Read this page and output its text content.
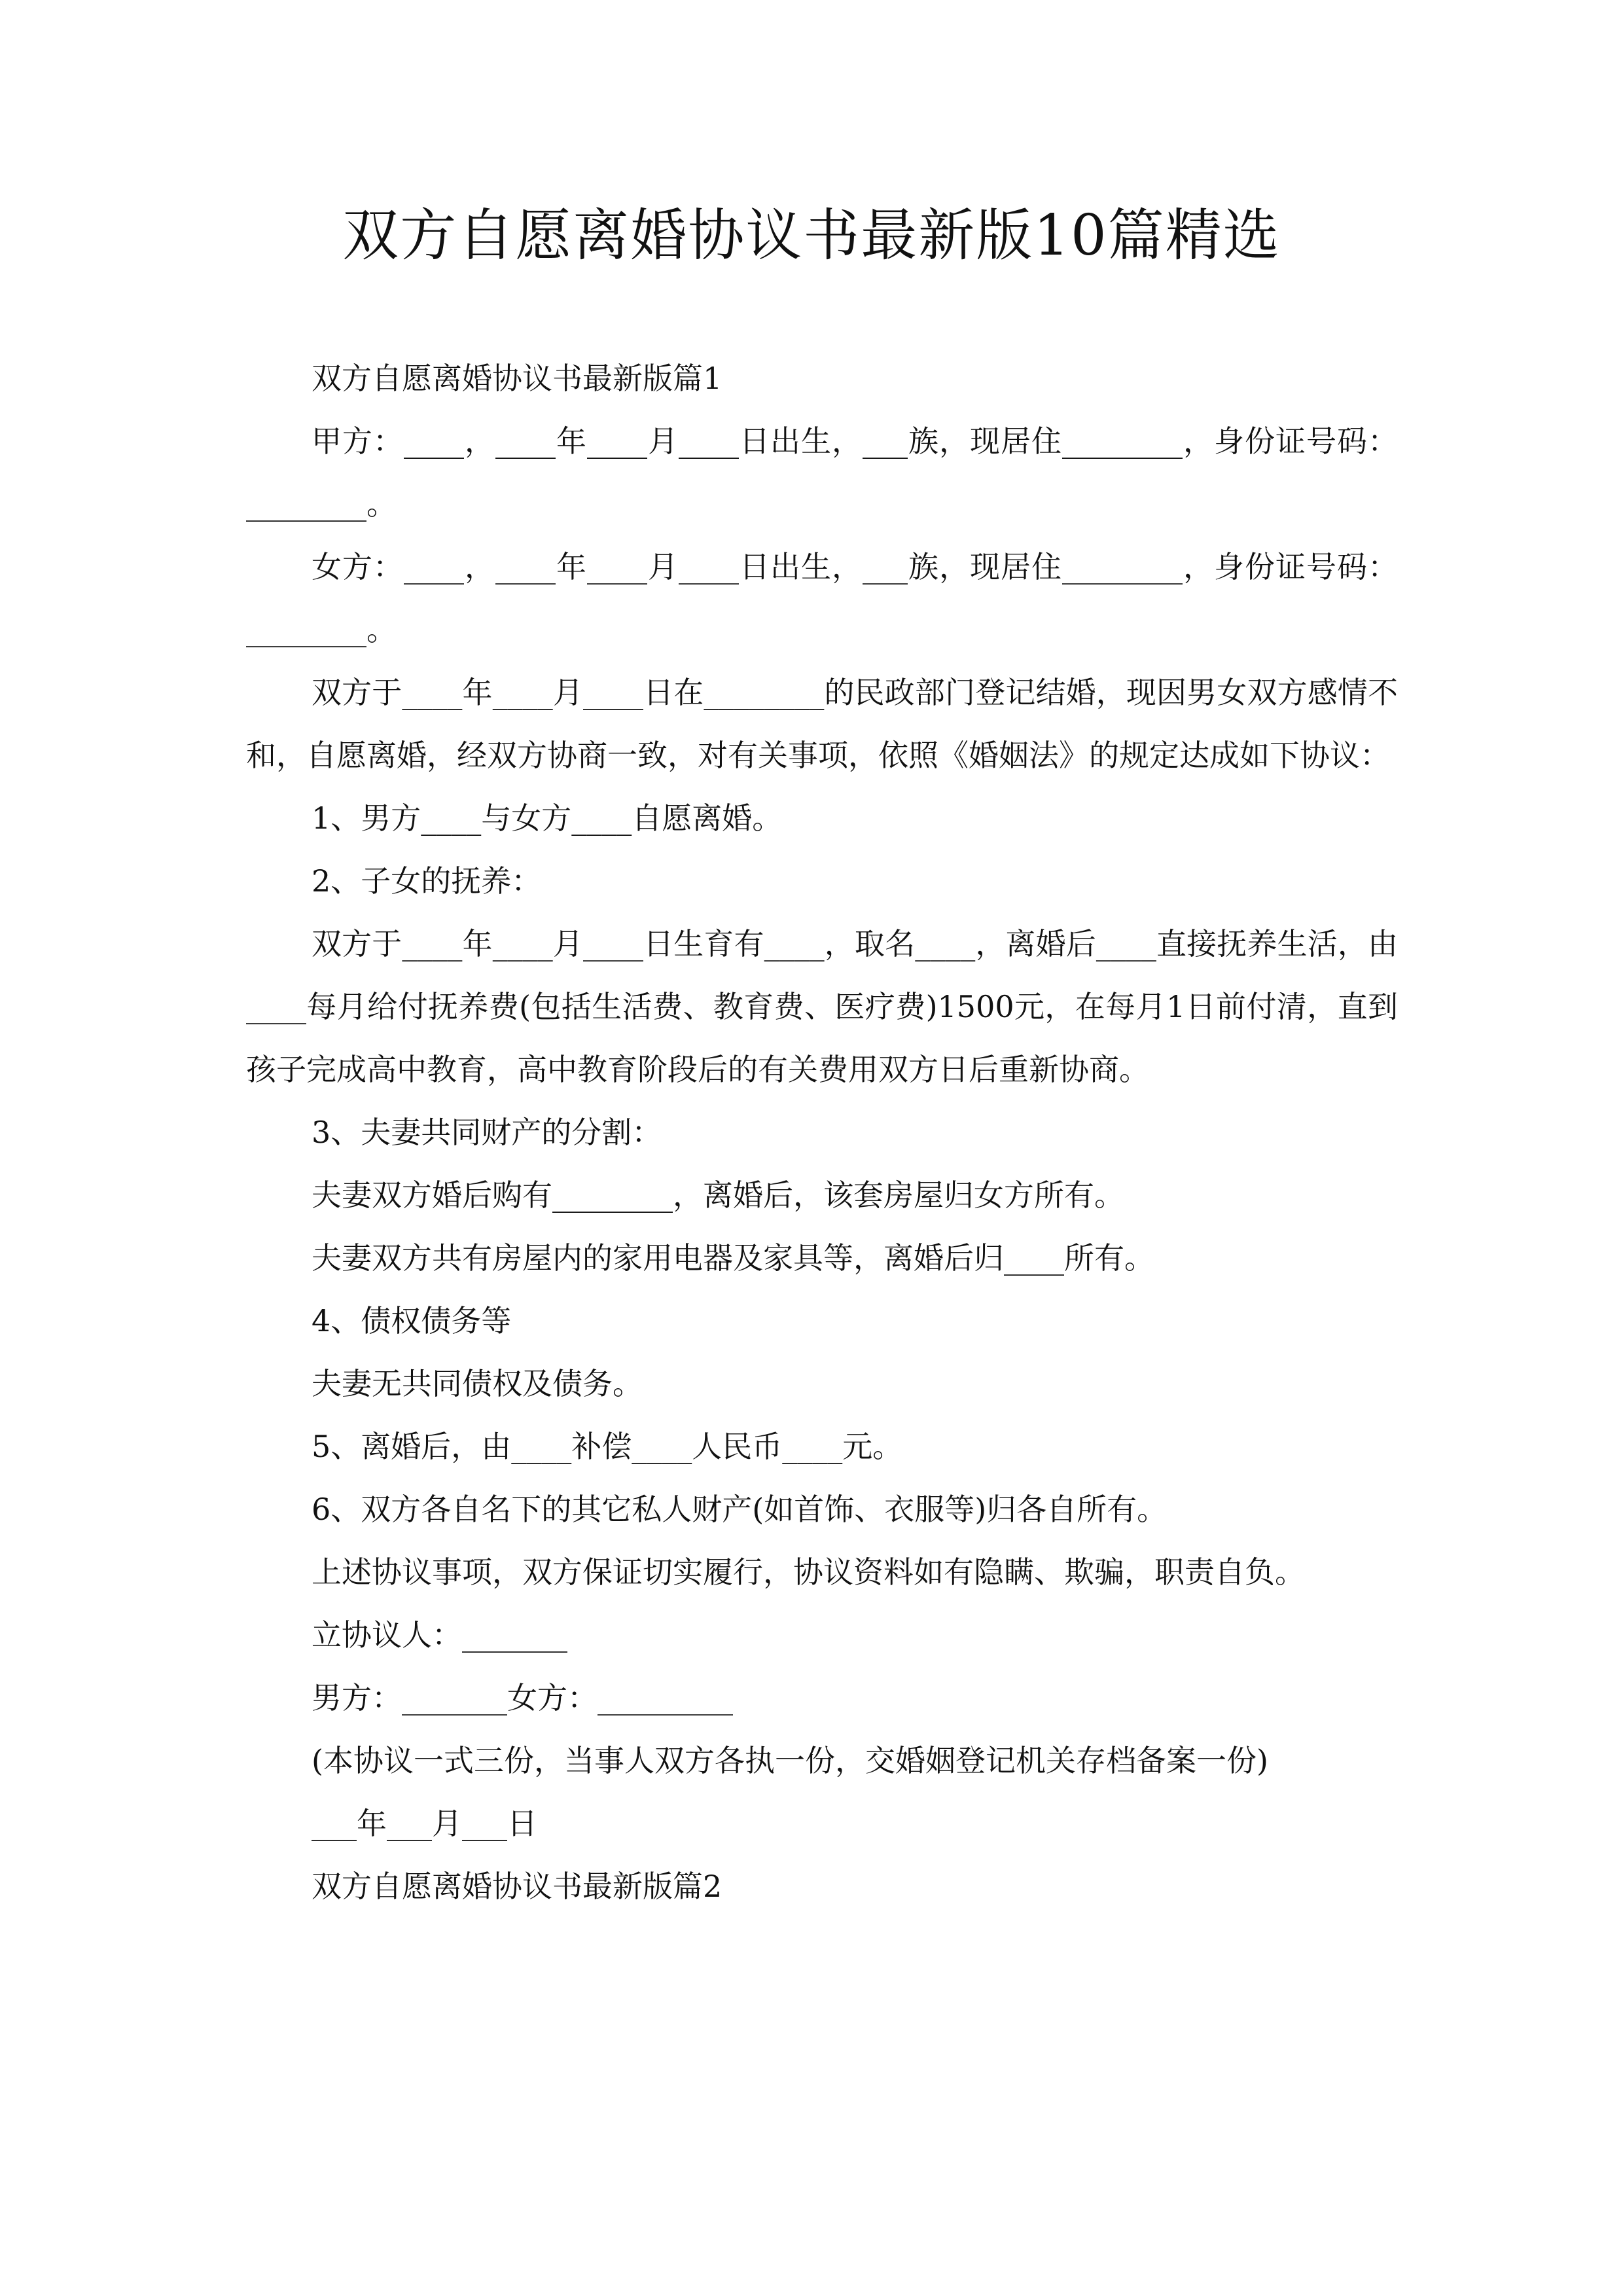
双方自愿离婚协议书最新版10篇精选

双方自愿离婚协议书最新版篇1

甲方：____，____年____月____日出生，___族，现居住________，身份证号码：________。

女方：____，____年____月____日出生，___族，现居住________，身份证号码：________。

双方于____年____月____日在________的民政部门登记结婚，现因男女双方感情不和，自愿离婚，经双方协商一致，对有关事项，依照《婚姻法》的规定达成如下协议：

1、男方____与女方____自愿离婚。

2、子女的抚养：

双方于____年____月____日生育有____，取名____，离婚后____直接抚养生活，由____每月给付抚养费(包括生活费、教育费、医疗费)1500元，在每月1日前付清，直到孩子完成高中教育，高中教育阶段后的有关费用双方日后重新协商。

3、夫妻共同财产的分割：

夫妻双方婚后购有________，离婚后，该套房屋归女方所有。

夫妻双方共有房屋内的家用电器及家具等，离婚后归____所有。

4、债权债务等

夫妻无共同债权及债务。

5、离婚后，由____补偿____人民币____元。

6、双方各自名下的其它私人财产(如首饰、衣服等)归各自所有。

上述协议事项，双方保证切实履行，协议资料如有隐瞒、欺骗，职责自负。

立协议人：_______

男方：_______女方：_________

(本协议一式三份，当事人双方各执一份，交婚姻登记机关存档备案一份)

___年___月___日

双方自愿离婚协议书最新版篇2
